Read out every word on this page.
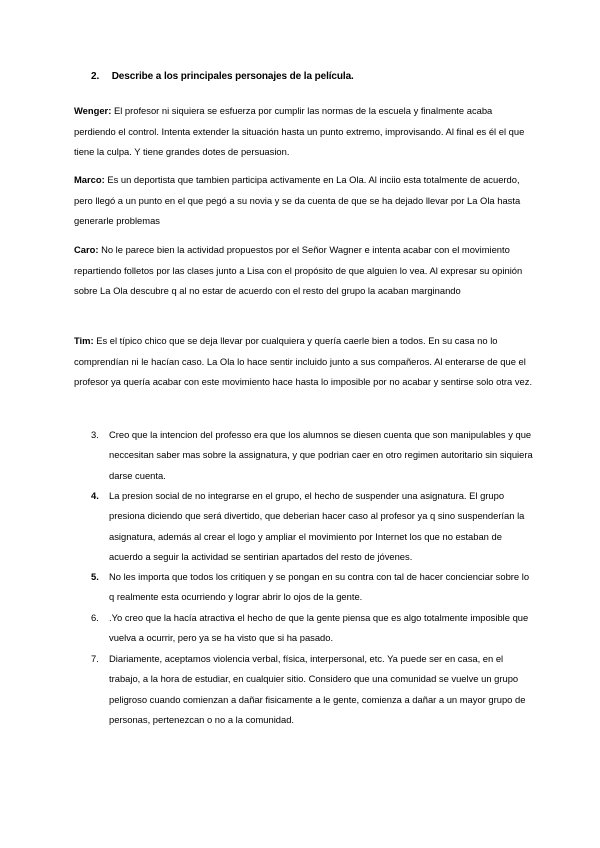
2. Describe a los principales personajes de la película.
Wenger: El profesor ni siquiera se esfuerza por cumplir las normas de la escuela y finalmente acaba perdiendo el control. Intenta extender la situación hasta un punto extremo, improvisando. Al final es él el que tiene la culpa. Y tiene grandes dotes de persuasion.
Marco: Es un deportista que tambien participa activamente en La Ola. Al inciio esta totalmente de acuerdo, pero llegó a un punto en el que pegó a su novia y se da cuenta de que se ha dejado llevar por La Ola hasta generarle problemas
Caro: No le parece bien la actividad propuestos por el Señor Wagner e intenta acabar con el movimiento repartiendo folletos por las clases junto a Lisa con el propósito de que alguien lo vea. Al expresar su opinión sobre La Ola descubre q al no estar de acuerdo con el resto del grupo la acaban marginando
Tim: Es el típico chico que se deja llevar por cualquiera y quería caerle bien a todos. En su casa no lo comprendían ni le hacían caso. La Ola lo hace sentir incluido junto a sus compañeros. Al enterarse de que el profesor ya quería acabar con este movimiento hace hasta lo imposible por no acabar y sentirse solo otra vez.
3.	Creo que la intencion del professo era que los alumnos se diesen cuenta que son manipulables y que neccesitan saber mas sobre la assignatura, y que podrian caer en otro regimen autoritario sin siquiera darse cuenta.
4.	La presion social de no integrarse en el grupo, el hecho de suspender una asignatura. El grupo presiona diciendo que será divertido, que deberian hacer caso al profesor ya q sino suspenderían la asignatura, además al crear el logo y ampliar el movimiento por Internet los que no estaban de acuerdo a seguir la actividad se sentirian apartados del resto de jóvenes.
5.	No les importa que todos los critiquen y se pongan en su contra con tal de hacer concienciar sobre lo q realmente esta ocurriendo y lograr abrir lo ojos de la gente.
6.	.Yo creo que la hacía atractiva el hecho de que la gente piensa que es algo totalmente imposible que vuelva a ocurrir, pero ya se ha visto que si ha pasado.
7.	Diariamente, aceptamos violencia verbal, física, interpersonal, etc. Ya puede ser en casa, en el trabajo, a la hora de estudiar, en cualquier sitio. Considero que una comunidad se vuelve un grupo peligroso cuando comienzan a dañar fisicamente a le gente, comienza a dañar a un mayor grupo de personas, pertenezcan o no a la comunidad.
